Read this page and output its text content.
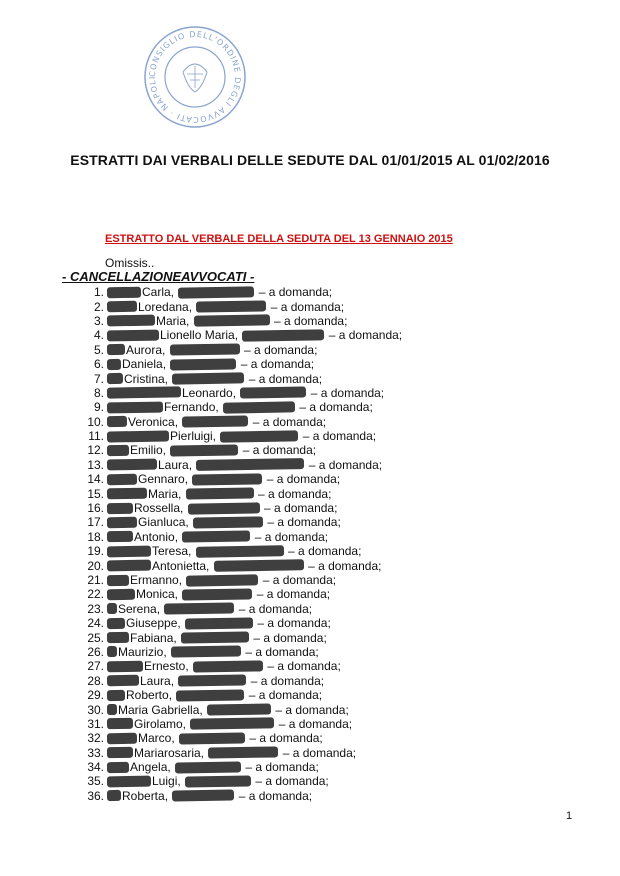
CONSIGLIO DELL'ORDINE DEGLI AVVOCATI · NAPOLI
ESTRATTI DAI VERBALI DELLE SEDUTE DAL 01/01/2015 AL 01/02/2016
ESTRATTO DAL VERBALE DELLA SEDUTA DEL 13 GENNAIO 2015
Omissis..
- CANCELLAZIONEAVVOCATI -
1.	Carla,

	– a domanda;
2.	Loredana,

	– a domanda;
3.	Maria,

	– a domanda;
4.	Lionello Maria,

	– a domanda;
5. Aurora,

	– a domanda;
6. Daniela,

	– a domanda;
7. Cristina,

	– a domanda;
8.	Leonardo,

	– a domanda;
9.	Fernando,

	– a domanda;
10. Veronica,

	– a domanda;
11.	Pierluigi,

	– a domanda;
12. Emilio,

	– a domanda;
13.	Laura,

	– a domanda;
14.	Gennaro,

	– a domanda;
15.	Maria,

	– a domanda;
16.	Rossella,

	– a domanda;
17.	Gianluca,

	– a domanda;
18.	Antonio,

	– a domanda;
19.	Teresa,

	– a domanda;
20.	Antonietta,

	– a domanda;
21. Ermanno,

	– a domanda;
22.	Monica,

	– a domanda;
23. Serena,

	– a domanda;
24. Giuseppe,

	– a domanda;
25. Fabiana,

	– a domanda;
26. Maurizio,

	– a domanda;
27.	Ernesto,

	– a domanda;
28.	Laura,

	– a domanda;
29. Roberto,

	– a domanda;
30. Maria Gabriella,

	– a domanda;
31.	Girolamo,

	– a domanda;
32.	Marco,

	– a domanda;
33.	Mariarosaria,

	– a domanda;
34. Angela,

	– a domanda;
35.	Luigi,

	– a domanda;
36. Roberta,

	– a domanda;
1
